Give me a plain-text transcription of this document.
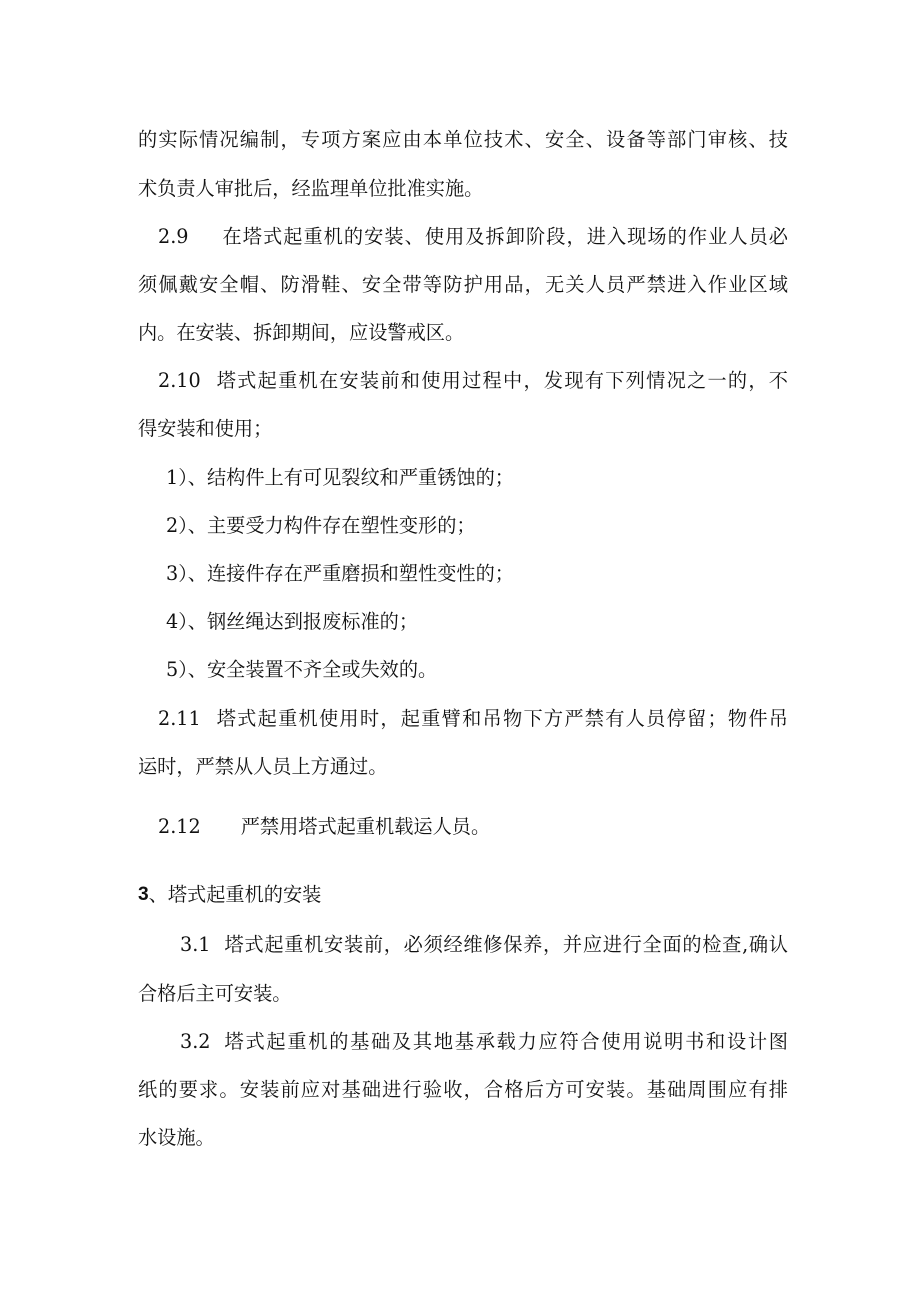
的实际情况编制，专项方案应由本单位技术、安全、设备等部门审核、技
术负责人审批后，经监理单位批准实施。
2.9 在塔式起重机的安装、使用及拆卸阶段，进入现场的作业人员必
须佩戴安全帽、防滑鞋、安全带等防护用品，无关人员严禁进入作业区域
内。在安装、拆卸期间，应设警戒区。
2.10 塔式起重机在安装前和使用过程中，发现有下列情况之一的，不
得安装和使用；
1）、 结构件上有可见裂纹和严重锈蚀的；
2）、 主要受力构件存在塑性变形的；
3）、 连接件存在严重磨损和塑性变性的；
4）、 钢丝绳达到报废标准的；
5）、 安全装置不齐全或失效的。
2.11 塔式起重机使用时，起重臂和吊物下方严禁有人员停留；物件吊
运时，严禁从人员上方通过。
2.12 严禁用塔式起重机载运人员。
3 、塔式起重机的安装
3.1 塔式起重机安装前，必须经维修保养，并应进行全面的检查,确认
合格后主可安装。
3.2 塔式起重机的基础及其地基承载力应符合使用说明书和设计图
纸的要求。安装前应对基础进行验收，合格后方可安装。基础周围应有排
水设施。
